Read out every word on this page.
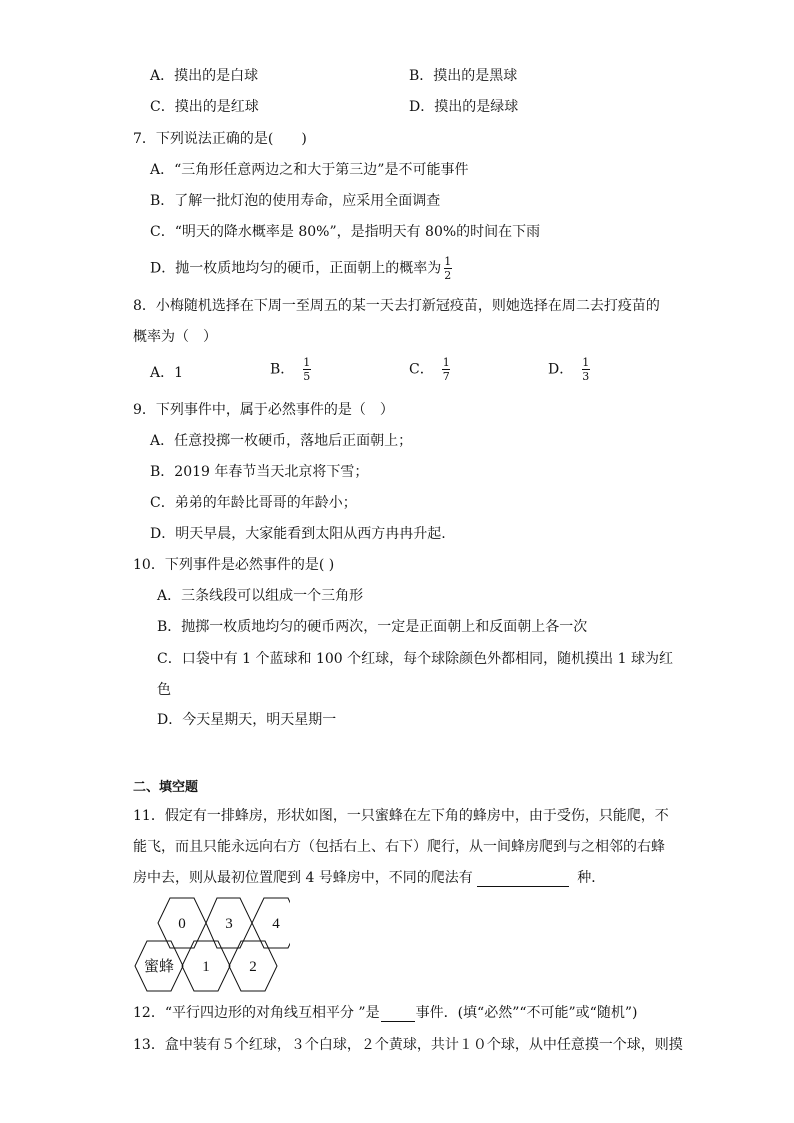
A．摸出的是白球	B．摸出的是黑球
C．摸出的是红球	D．摸出的是绿球
7．下列说法正确的是(　　)
A．“三角形任意两边之和大于第三边”是不可能事件
B．了解一批灯泡的使用寿命，应采用全面调查
C．“明天的降水概率是 80%”，是指明天有 80%的时间在下雨
D．抛一枚质地均匀的硬币，正面朝上的概率为 $\frac{1}{2}$
8．小梅随机选择在下周一至周五的某一天去打新冠疫苗，则她选择在周二去打疫苗的
概率为（　）
A．1	B． $\frac{1}{5}$	C． $\frac{1}{7}$	D． $\frac{1}{3}$
9．下列事件中，属于必然事件的是（　）
A．任意投掷一枚硬币，落地后正面朝上；
B．2019 年春节当天北京将下雪；
C．弟弟的年龄比哥哥的年龄小；
D．明天早晨，大家能看到太阳从西方冉冉升起.
10．下列事件是必然事件的是( )
A．三条线段可以组成一个三角形
B．抛掷一枚质地均匀的硬币两次，一定是正面朝上和反面朝上各一次
C．口袋中有 1 个蓝球和 100 个红球，每个球除颜色外都相同，随机摸出 1 球为红
色
D．今天星期天，明天星期一
二、填空题
11．假定有一排蜂房，形状如图，一只蜜蜂在左下角的蜂房中，由于受伤，只能爬，不
能飞，而且只能永远向右方（包括右上、右下）爬行，从一间蜂房爬到与之相邻的右蜂
房中去，则从最初位置爬到 4 号蜂房中，不同的爬法有	种．
0	3	4
蜜蜂 1	2
12．“平行四边形的对角线互相平分 ”是	事件．(填“必然”“不可能”或“随机”)
13．盒中装有５个红球，３个白球，２个黄球，共计１０个球，从中任意摸一个球，则摸
